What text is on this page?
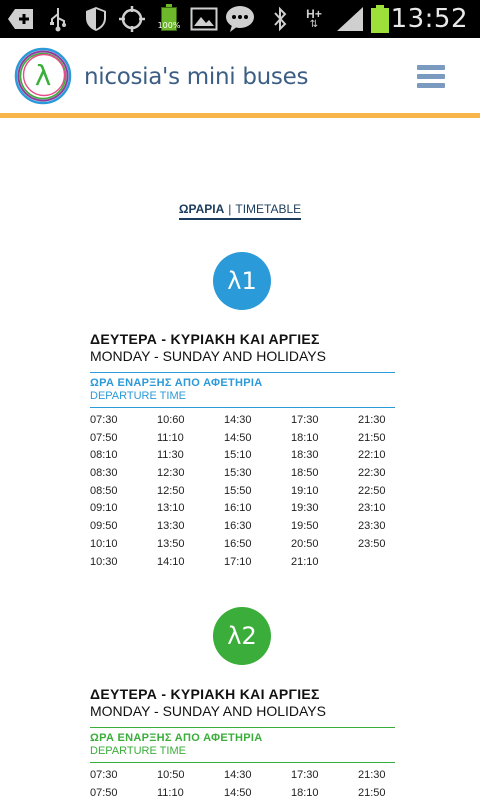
100%
H+
⇅	13:52
λ nicosia's mini buses
ΩΡΑΡΙΑ | TIMETABLE
λ1
ΔΕΥΤΕΡΑ - ΚΥΡΙΑΚΗ ΚΑΙ ΑΡΓΙΕΣ
MONDAY - SUNDAY AND HOLIDAYS
ΩΡΑ ΕΝΑΡΞΗΣ ΑΠΟ ΑΦΕΤΗΡΙΑ
DEPARTURE TIME
07:30	10:60	14:30	17:30	21:30
07:50	11:10	14:50	18:10	21:50
08:10	11:30	15:10	18:30	22:10
08:30	12:30	15:30	18:50	22:30
08:50	12:50	15:50	19:10	22:50
09:10	13:10	16:10	19:30	23:10
09:50	13:30	16:30	19:50	23:30
10:10	13:50	16:50	20:50	23:50
10:30	14:10	17:10	21:10
λ2
ΔΕΥΤΕΡΑ - ΚΥΡΙΑΚΗ ΚΑΙ ΑΡΓΙΕΣ
MONDAY - SUNDAY AND HOLIDAYS
ΩΡΑ ΕΝΑΡΞΗΣ ΑΠΟ ΑΦΕΤΗΡΙΑ
DEPARTURE TIME
07:30	10:50	14:30	17:30	21:30
07:50	11:10	14:50	18:10	21:50
